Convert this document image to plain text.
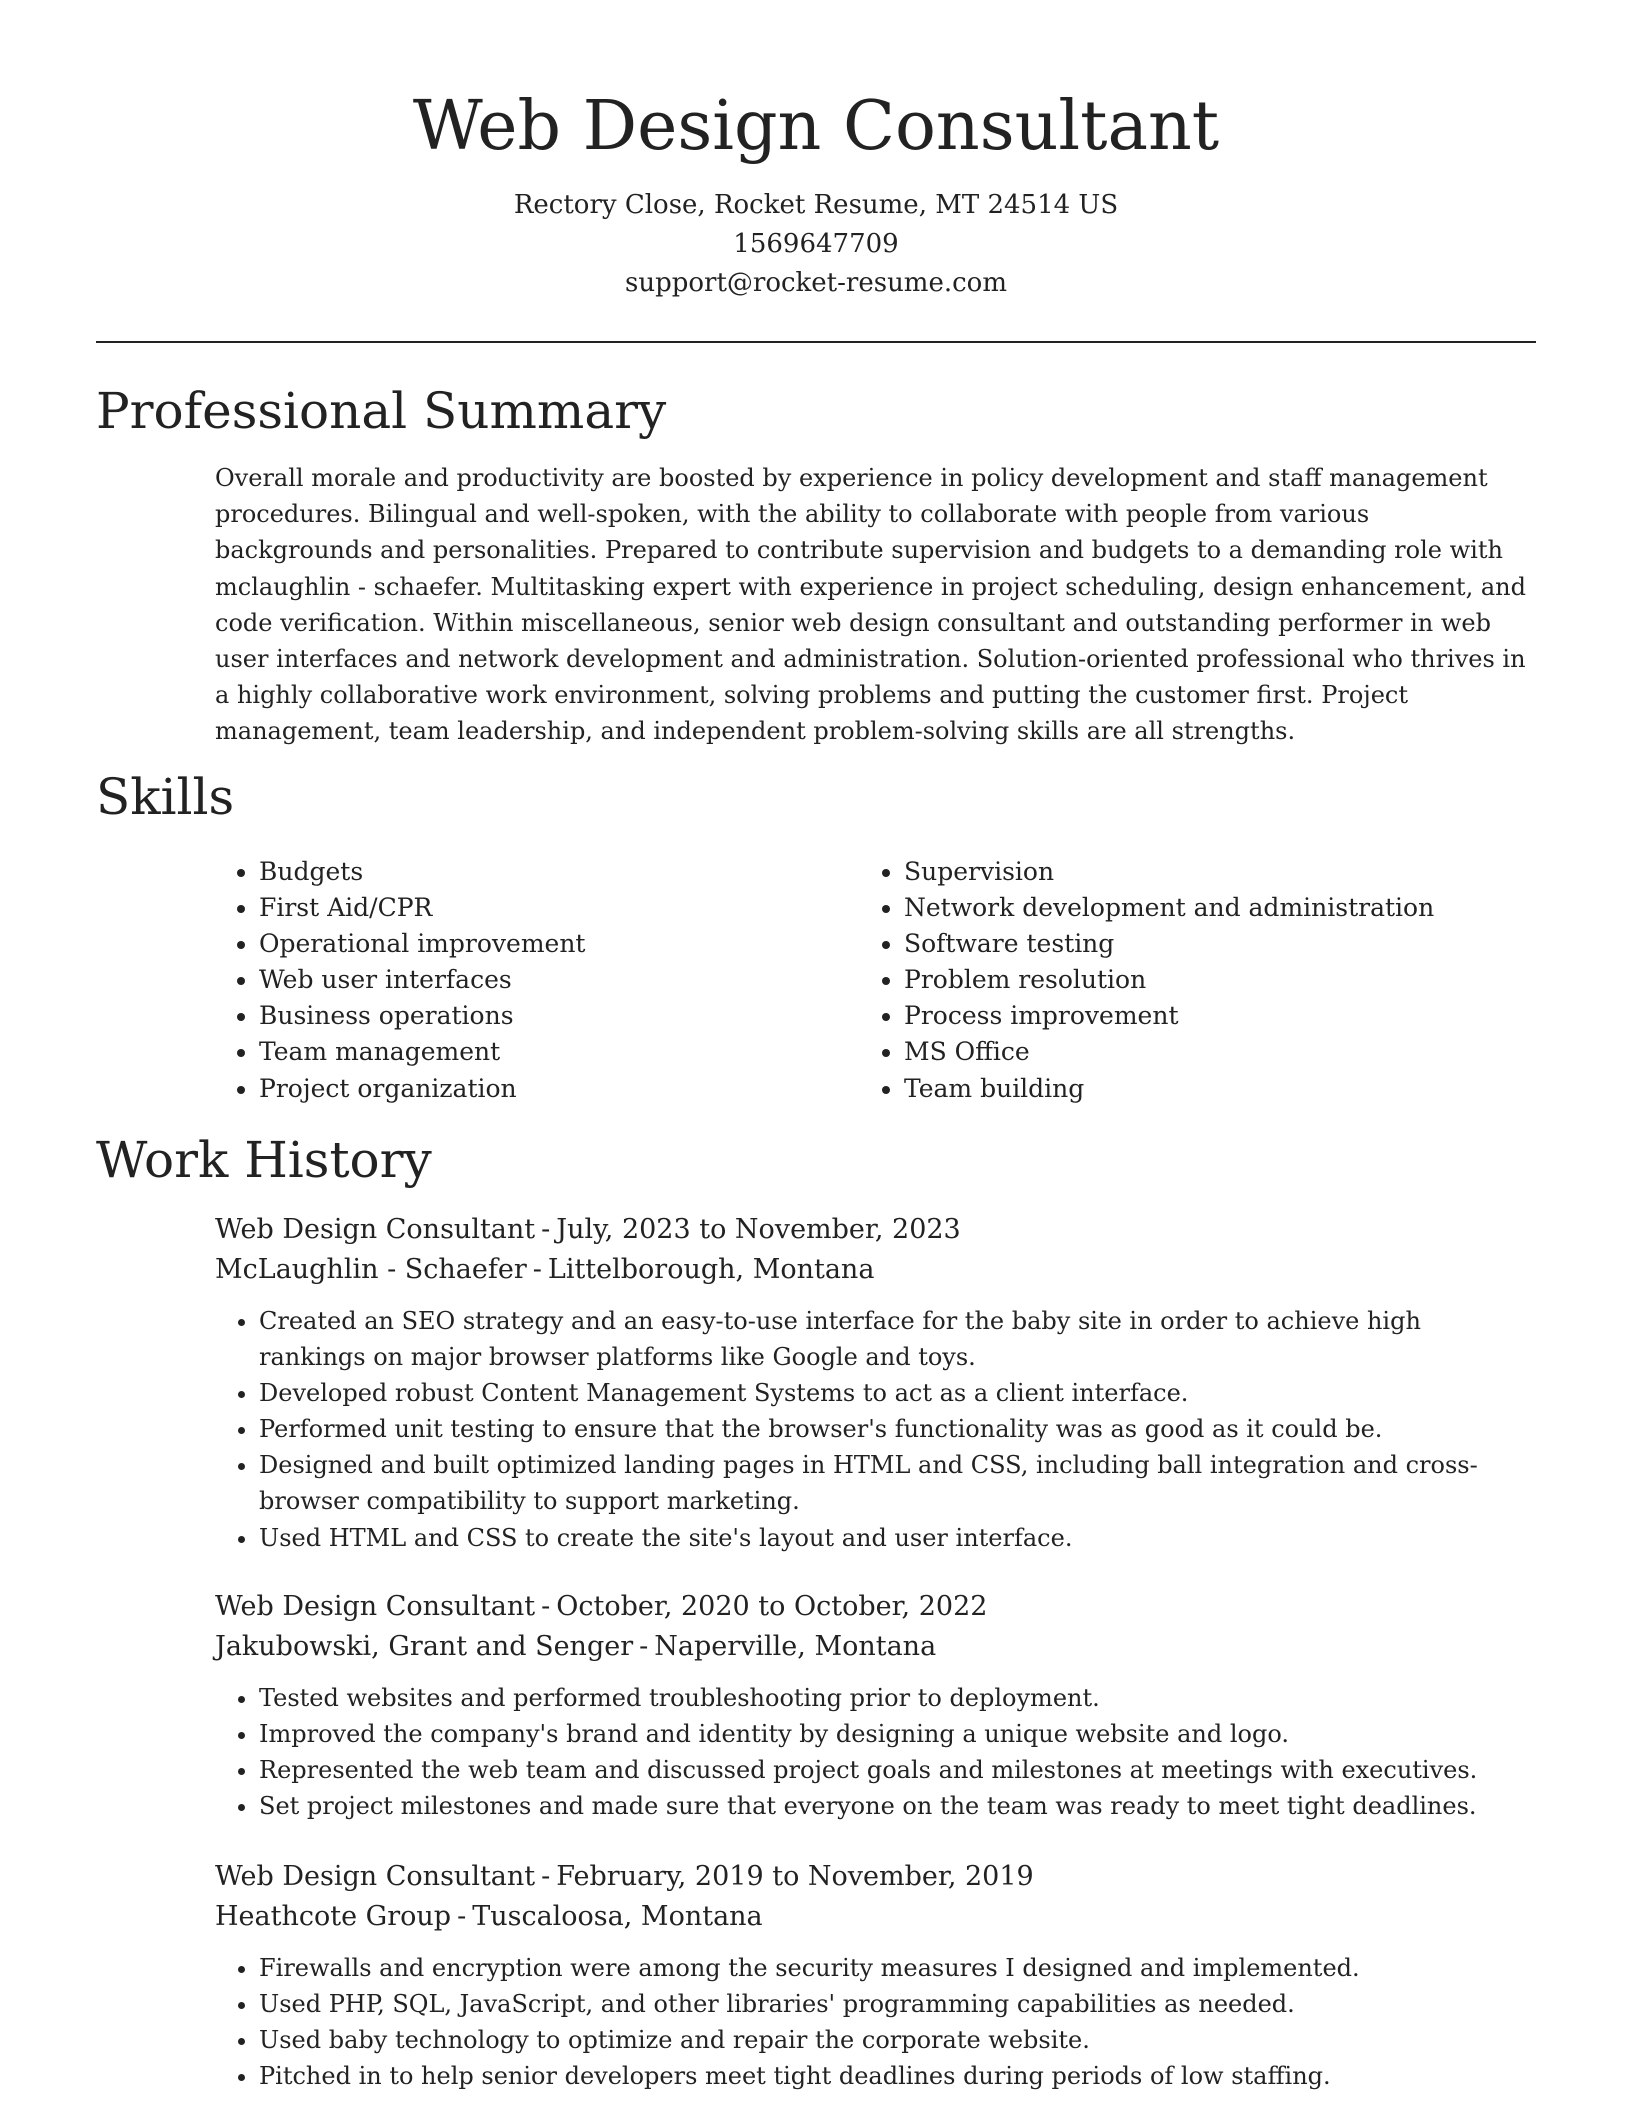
Web Design Consultant
Rectory Close, Rocket Resume, MT 24514 US
1569647709
support@rocket-resume.com
Professional Summary

Overall morale and productivity are boosted by experience in policy development and staff management procedures. Bilingual and well-spoken, with the ability to collaborate with people from various backgrounds and personalities. Prepared to contribute supervision and budgets to a demanding role with mclaughlin - schaefer. Multitasking expert with experience in project scheduling, design enhancement, and code verification. Within miscellaneous, senior web design consultant and outstanding performer in web user interfaces and network development and administration. Solution-oriented professional who thrives in a highly collaborative work environment, solving problems and putting the customer first. Project management, team leadership, and independent problem-solving skills are all strengths.

Skills
• Budgets
• First Aid/CPR
• Operational improvement
• Web user interfaces
• Business operations
• Team management
• Project organization
• Supervision
• Network development and administration
• Software testing
• Problem resolution
• Process improvement
• MS Office
• Team building
Work History
Web Design Consultant - July, 2023 to November, 2023
McLaughlin - Schaefer - Littelborough, Montana
• Created an SEO strategy and an easy-to-use interface for the baby site in order to achieve high rankings on major browser platforms like Google and toys.
• Developed robust Content Management Systems to act as a client interface.
• Performed unit testing to ensure that the browser's functionality was as good as it could be.
• Designed and built optimized landing pages in HTML and CSS, including ball integration and cross-browser compatibility to support marketing.
• Used HTML and CSS to create the site's layout and user interface.
Web Design Consultant - October, 2020 to October, 2022
Jakubowski, Grant and Senger - Naperville, Montana
• Tested websites and performed troubleshooting prior to deployment.
• Improved the company's brand and identity by designing a unique website and logo.
• Represented the web team and discussed project goals and milestones at meetings with executives.
• Set project milestones and made sure that everyone on the team was ready to meet tight deadlines.
Web Design Consultant - February, 2019 to November, 2019
Heathcote Group - Tuscaloosa, Montana
• Firewalls and encryption were among the security measures I designed and implemented.
• Used PHP, SQL, JavaScript, and other libraries' programming capabilities as needed.
• Used baby technology to optimize and repair the corporate website.
• Pitched in to help senior developers meet tight deadlines during periods of low staffing.
